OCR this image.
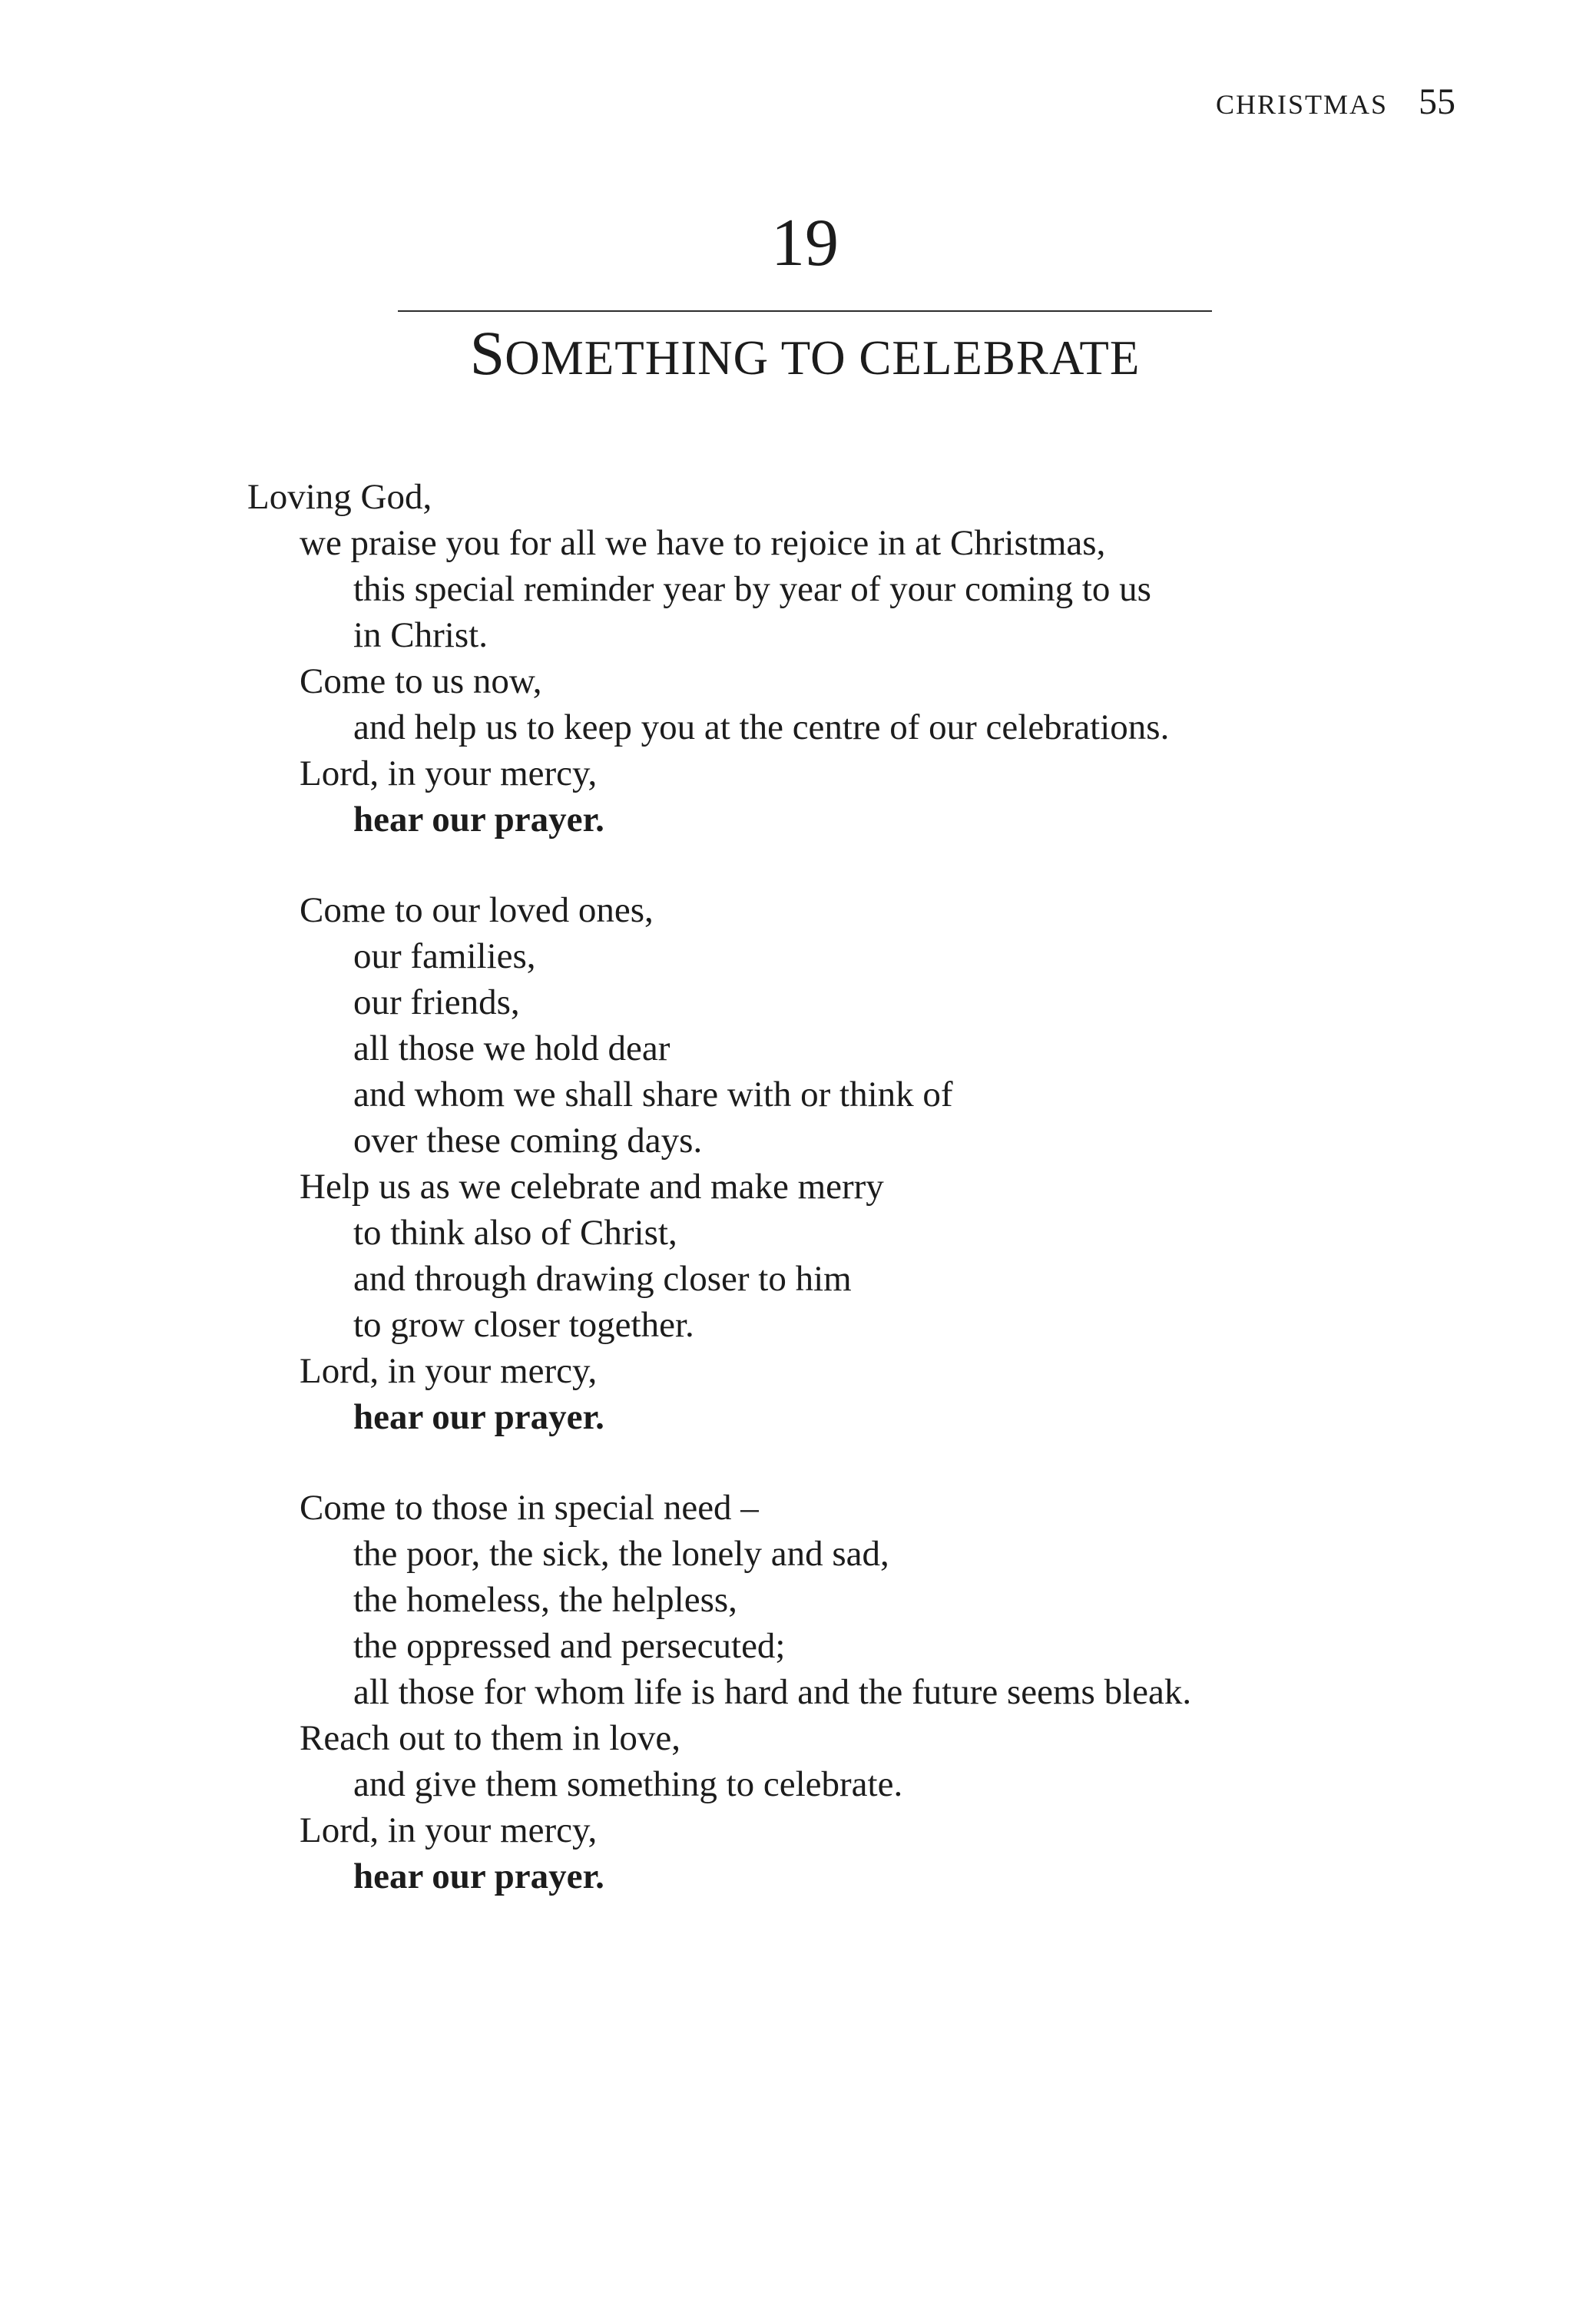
CHRISTMAS 55
19
SOMETHING TO CELEBRATE
Loving God,
we praise you for all we have to rejoice in at Christmas,
this special reminder year by year of your coming to us
in Christ.
Come to us now,
and help us to keep you at the centre of our celebrations.
Lord, in your mercy,
hear our prayer.
Come to our loved ones,
our families,
our friends,
all those we hold dear
and whom we shall share with or think of
over these coming days.
Help us as we celebrate and make merry
to think also of Christ,
and through drawing closer to him
to grow closer together.
Lord, in your mercy,
hear our prayer.
Come to those in special need –
the poor, the sick, the lonely and sad,
the homeless, the helpless,
the oppressed and persecuted;
all those for whom life is hard and the future seems bleak.
Reach out to them in love,
and give them something to celebrate.
Lord, in your mercy,
hear our prayer.
